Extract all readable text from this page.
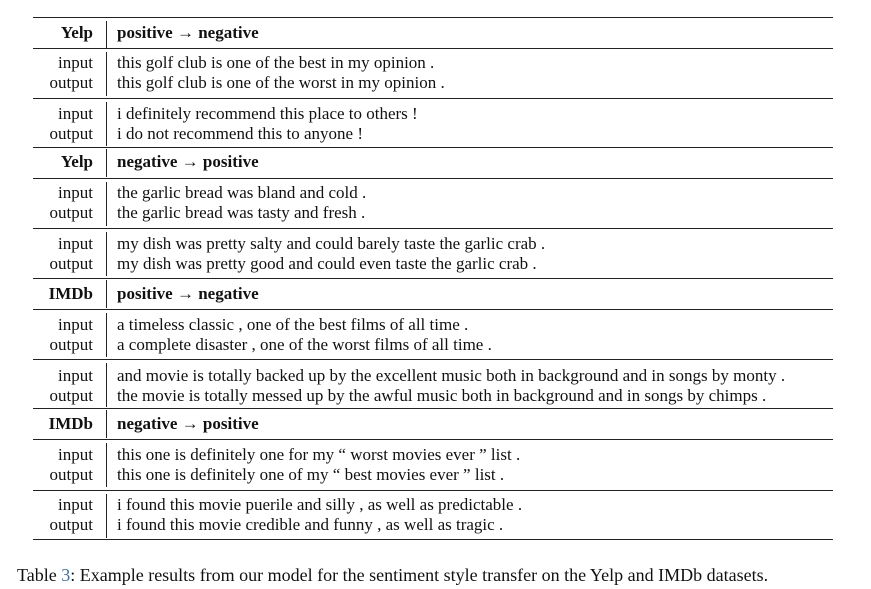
Yelp positive → negative
input this golf club is one of the best in my opinion .
output this golf club is one of the worst in my opinion .
input i definitely recommend this place to others !
output i do not recommend this to anyone !
Yelp negative → positive
input the garlic bread was bland and cold .
output the garlic bread was tasty and fresh .
input my dish was pretty salty and could barely taste the garlic crab .
output my dish was pretty good and could even taste the garlic crab .
IMDb positive → negative
input a timeless classic , one of the best films of all time .
output a complete disaster , one of the worst films of all time .
input and movie is totally backed up by the excellent music both in background and in songs by monty .
output the movie is totally messed up by the awful music both in background and in songs by chimps .
IMDb negative → positive
input this one is definitely one for my “ worst movies ever ” list .
output this one is definitely one of my “ best movies ever ” list .
input i found this movie puerile and silly , as well as predictable .
output i found this movie credible and funny , as well as tragic .
Table 3: Example results from our model for the sentiment style transfer on the Yelp and IMDb datasets.
